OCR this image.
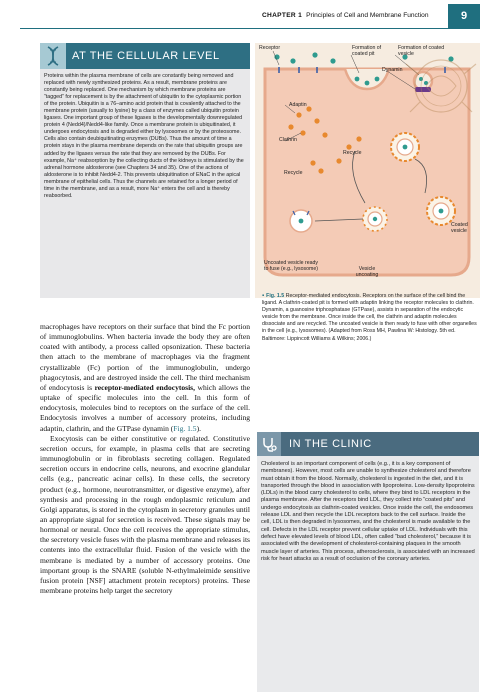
CHAPTER 1 Principles of Cell and Membrane Function	9
AT THE CELLULAR LEVEL
Proteins within the plasma membrane of cells are constantly being removed and replaced with newly synthesized proteins. As a result, membrane proteins are constantly being replaced. One mechanism by which membrane proteins are “tagged” for replacement is by the attachment of ubiquitin to the cytoplasmic portion of the protein. Ubiquitin is a 76–amino acid protein that is covalently attached to the membrane protein (usually to lysine) by a class of enzymes called ubiquitin protein ligases. One important group of these ligases is the developmentally downregulated protein 4 (Nedd4)/Nedd4-like family. Once a membrane protein is ubiquitinated, it undergoes endocytosis and is degraded either by lysosomes or by the proteosome. Cells also contain deubiquitinating enzymes (DUBs). Thus the amount of time a protein stays in the plasma membrane depends on the rate that ubiquitin groups are added by the ligases versus the rate that they are removed by the DUBs. For example, Na⁺ reabsorption by the collecting ducts of the kidneys is stimulated by the adrenal hormone aldosterone (see Chapters 34 and 35). One of the actions of aldosterone is to inhibit Nedd4-2. This prevents ubiquitination of ENaC in the apical membrane of epithelial cells. Thus the channels are retained for a longer period of time in the membrane, and as a result, more Na⁺ enters the cell and is thereby reabsorbed.
Receptor	Formation of coated pit
Formation of coated vesicle
Dynamin
Adaptin
Clathrin
Recycle
Recycle
Coated vesicle
Uncoated vesicle ready to fuse (e.g., lysosome)	Vesicle uncoating
▪ Fig. 1.5 Receptor-mediated endocytosis. Receptors on the surface of the cell bind the ligand. A clathrin-coated pit is formed with adaptin linking the receptor molecules to clathrin. Dynamin, a guanosine triphosphatase (GTPase), assists in separation of the endocytic vesicle from the membrane. Once inside the cell, the clathrin and adaptin molecules dissociate and are recycled. The uncoated vesicle is then ready to fuse with other organelles in the cell (e.g., lysosomes). (Adapted from Ross MH, Pawlina W: Histology. 5th ed. Baltimore: Lippincott Williams & Wilkins; 2006.)

macrophages have receptors on their surface that bind the Fc portion of immunoglobulins. When bacteria invade the body they are often coated with antibody, a process called opsonization. These bacteria then attach to the membrane of macrophages via the fragment crystallizable (Fc) portion of the immunoglobulin, undergo phagocytosis, and are destroyed inside the cell. The third mechanism of endocytosis is receptor-mediated endocytosis, which allows the uptake of specific molecules into the cell. In this form of endocytosis, molecules bind to receptors on the surface of the cell. Endocytosis involves a number of accessory proteins, including adaptin, clathrin, and the GTPase dynamin (Fig. 1.5).

Exocytosis can be either constitutive or regulated. Constitutive secretion occurs, for example, in plasma cells that are secreting immunoglobulin or in fibroblasts secreting collagen. Regulated secretion occurs in endocrine cells, neurons, and exocrine glandular cells (e.g., pancreatic acinar cells). In these cells, the secretory product (e.g., hormone, neurotransmitter, or digestive enzyme), after synthesis and processing in the rough endoplasmic reticulum and Golgi apparatus, is stored in the cytoplasm in secretory granules until an appropriate signal for secretion is received. These signals may be hormonal or neural. Once the cell receives the appropriate stimulus, the secretory vesicle fuses with the plasma membrane and releases its contents into the extracellular fluid. Fusion of the vesicle with the membrane is mediated by a number of accessory proteins. One important group is the SNARE (soluble N-ethylmaleimide sensitive fusion protein [NSF] attachment protein receptors) proteins. These membrane proteins help target the secretory

IN THE CLINIC
Cholesterol is an important component of cells (e.g., it is a key component of membranes). However, most cells are unable to synthesize cholesterol and therefore must obtain it from the blood. Normally, cholesterol is ingested in the diet, and it is transported through the blood in association with lipoproteins. Low-density lipoproteins (LDLs) in the blood carry cholesterol to cells, where they bind to LDL receptors in the plasma membrane. After the receptors bind LDL, they collect into “coated pits” and undergo endocytosis as clathrin-coated vesicles. Once inside the cell, the endosomes release LDL and then recycle the LDL receptors back to the cell surface. Inside the cell, LDL is then degraded in lysosomes, and the cholesterol is made available to the cell. Defects in the LDL receptor prevent cellular uptake of LDL. Individuals with this defect have elevated levels of blood LDL, often called “bad cholesterol,” because it is associated with the development of cholesterol-containing plaques in the smooth muscle layer of arteries. This process, atherosclerosis, is associated with an increased risk for heart attacks as a result of occlusion of the coronary arteries.
